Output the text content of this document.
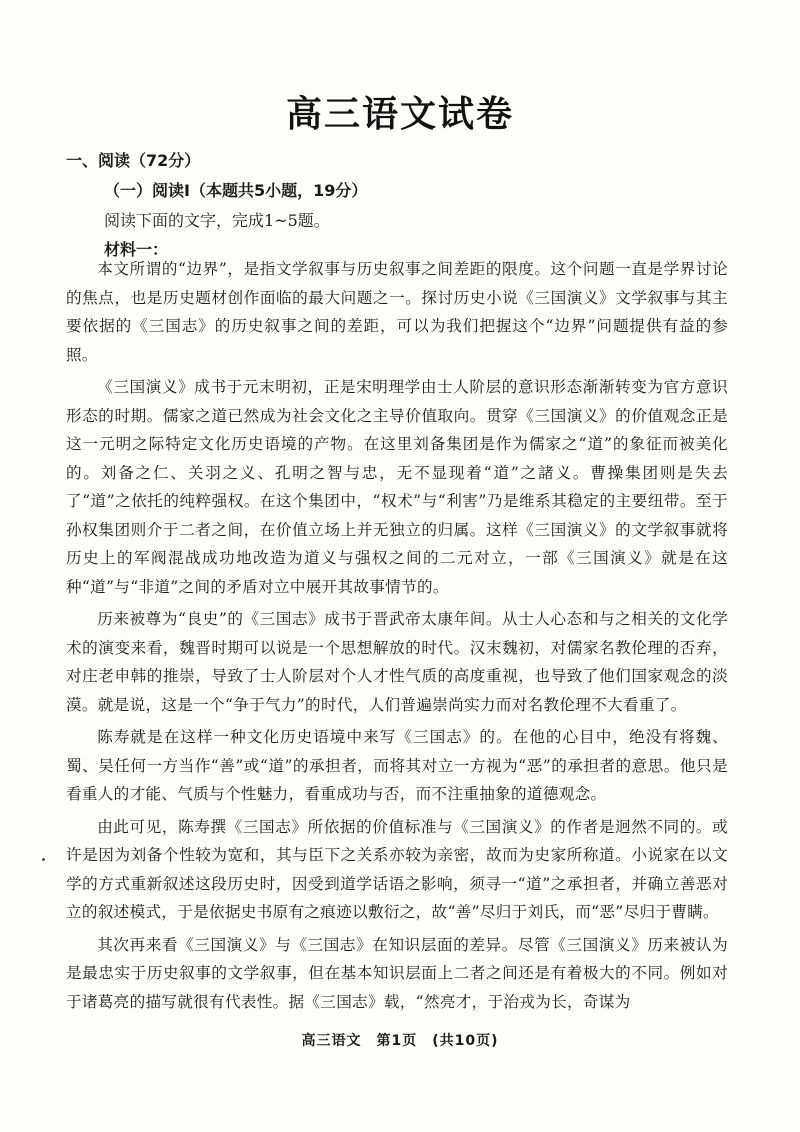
高三语文试卷
一、阅读（72分）
（一）阅读Ⅰ（本题共5小题，19分）
阅读下面的文字，完成1~5题。
材料一：

本文所谓的“边界”，是指文学叙事与历史叙事之间差距的限度。这个问题一直是学界讨论的焦点，也是历史题材创作面临的最大问题之一。探讨历史小说《三国演义》文学叙事与其主要依据的《三国志》的历史叙事之间的差距，可以为我们把握这个“边界”问题提供有益的参照。

《三国演义》成书于元末明初，正是宋明理学由士人阶层的意识形态渐渐转变为官方意识形态的时期。儒家之道已然成为社会文化之主导价值取向。贯穿《三国演义》的价值观念正是这一元明之际特定文化历史语境的产物。在这里刘备集团是作为儒家之“道”的象征而被美化的。刘备之仁、关羽之义、孔明之智与忠，无不显现着“道”之諸义。曹操集团则是失去了“道”之依托的纯粹强权。在这个集团中，“权术”与“利害”乃是维系其稳定的主要纽带。至于孙权集团则介于二者之间，在价值立场上并无独立的归属。这样《三国演义》的文学叙事就将历史上的军阀混战成功地改造为道义与强权之间的二元对立，一部《三国演义》就是在这种“道”与“非道”之间的矛盾对立中展开其故事情节的。

历来被尊为“良史”的《三国志》成书于晋武帝太康年间。从士人心态和与之相关的文化学术的演变来看，魏晋时期可以说是一个思想解放的时代。汉末魏初，对儒家名教伦理的否弃，对庄老申韩的推崇，导致了士人阶层对个人才性气质的高度重视，也导致了他们国家观念的淡漠。就是说，这是一个“争于气力”的时代，人们普遍崇尚实力而对名教伦理不大看重了。

陈寿就是在这样一种文化历史语境中来写《三国志》的。在他的心目中，绝没有将魏、蜀、吴任何一方当作“善”或“道”的承担者，而将其对立一方视为“恶”的承担者的意思。他只是看重人的才能、气质与个性魅力，看重成功与否，而不注重抽象的道德观念。

由此可见，陈寿撰《三国志》所依据的价值标准与《三国演义》的作者是迥然不同的。或许是因为刘备个性较为宽和，其与臣下之关系亦较为亲密，故而为史家所称道。小说家在以文学的方式重新叙述这段历史时，因受到道学话语之影响，须寻一“道”之承担者，并确立善恶对立的叙述模式，于是依据史书原有之痕迹以敷衍之，故“善”尽归于刘氏，而“恶”尽归于曹瞒。

其次再来看《三国演义》与《三国志》在知识层面的差异。尽管《三国演义》历来被认为是最忠实于历史叙事的文学叙事，但在基本知识层面上二者之间还是有着极大的不同。例如对于诸葛亮的描写就很有代表性。据《三国志》载，“然亮才，于治戎为长，奇谋为

高三语文　第1页　(共10页)
